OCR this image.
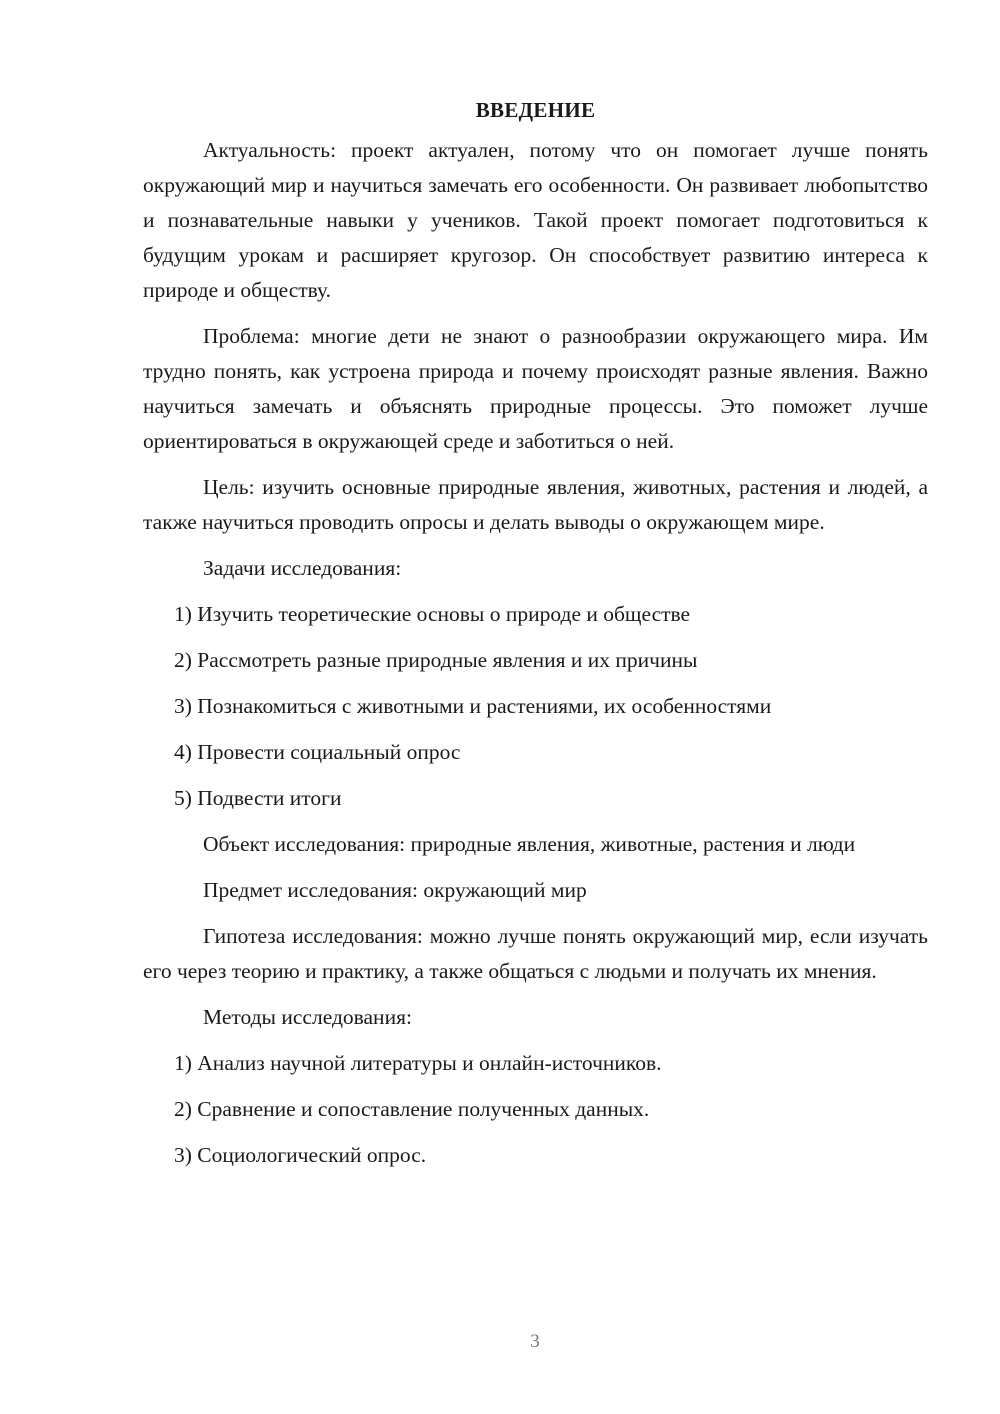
ВВЕДЕНИЕ

Актуальность: проект актуален, потому что он помогает лучше понять окружающий мир и научиться замечать его особенности. Он развивает любопытство и познавательные навыки у учеников. Такой проект помогает подготовиться к будущим урокам и расширяет кругозор. Он способствует развитию интереса к природе и обществу.

Проблема: многие дети не знают о разнообразии окружающего мира. Им трудно понять, как устроена природа и почему происходят разные явления. Важно научиться замечать и объяснять природные процессы. Это поможет лучше ориентироваться в окружающей среде и заботиться о ней.

Цель: изучить основные природные явления, животных, растения и людей, а также научиться проводить опросы и делать выводы о окружающем мире.

Задачи исследования:

1) Изучить теоретические основы о природе и обществе

2) Рассмотреть разные природные явления и их причины

3) Познакомиться с животными и растениями, их особенностями

4) Провести социальный опрос

5) Подвести итоги

Объект исследования: природные явления, животные, растения и люди

Предмет исследования: окружающий мир

Гипотеза исследования: можно лучше понять окружающий мир, если изучать его через теорию и практику, а также общаться с людьми и получать их мнения.

Методы исследования:

1) Анализ научной литературы и онлайн-источников.

2) Сравнение и сопоставление полученных данных.

3) Социологический опрос.

3
